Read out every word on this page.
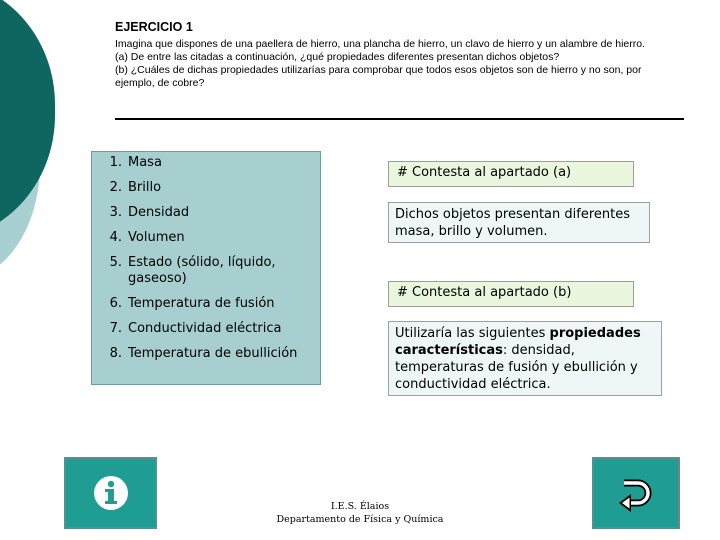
EJERCICIO 1

Imagina que dispones de una paellera de hierro, una plancha de hierro, un clavo de hierro y un alambre de hierro.

(a) De entre las citadas a continuación, ¿qué propiedades diferentes presentan dichos objetos?

(b) ¿Cuáles de dichas propiedades utilizarías para comprobar que todos esos objetos son de hierro y no son, por ejemplo, de cobre?

1. Masa
2. Brillo
3. Densidad
4. Volumen
5. Estado (sólido, líquido, gaseoso)
6. Temperatura de fusión
7. Conductividad eléctrica
8. Temperatura de ebullición
# Contesta al apartado (a)
Dichos objetos presentan diferentes masa, brillo y volumen.
# Contesta al apartado (b)
Utilizaría las siguientes propiedades características: densidad, temperaturas de fusión y ebullición y conductividad eléctrica.
I.E.S. Élaios
Departamento de Física y Química
